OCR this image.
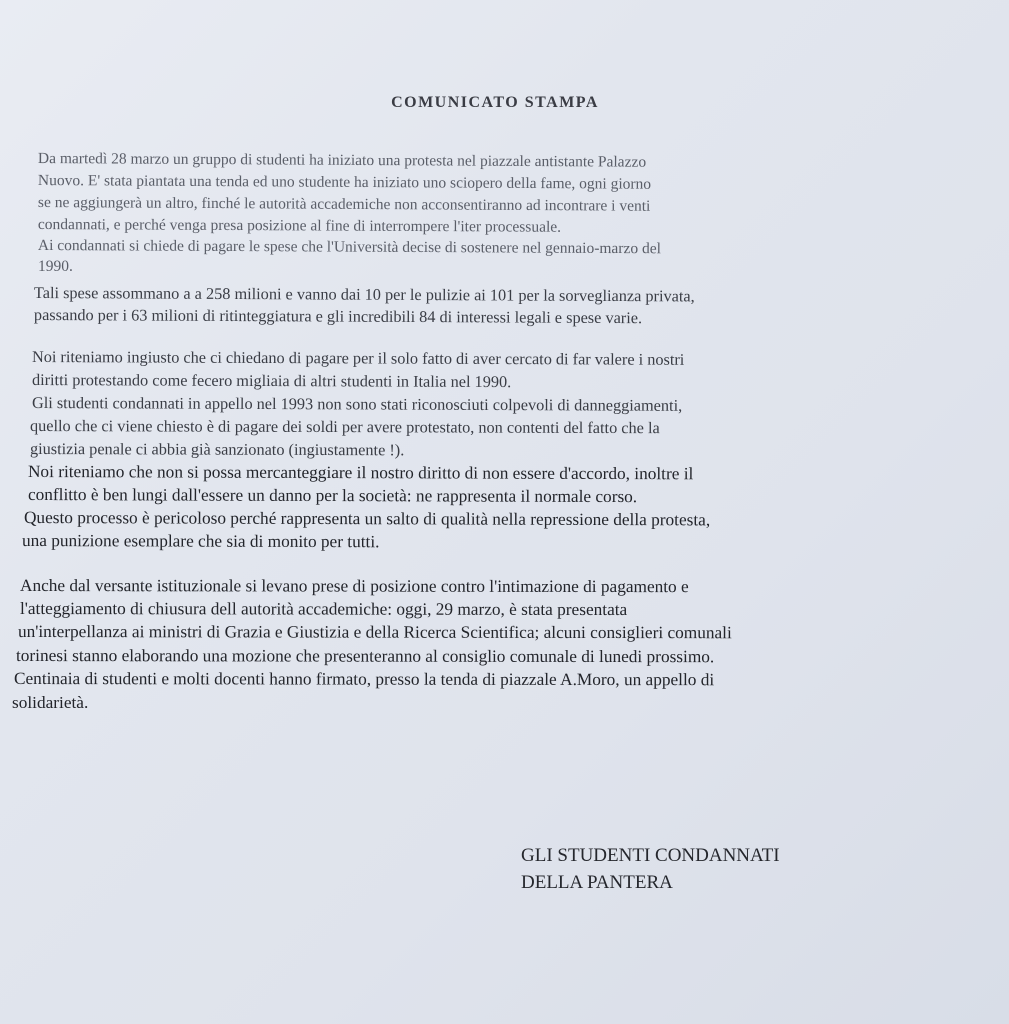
COMUNICATO STAMPA
Da martedì 28 marzo un gruppo di studenti ha iniziato una protesta nel piazzale antistante Palazzo
Nuovo. E' stata piantata una tenda ed uno studente ha iniziato uno sciopero della fame, ogni giorno
se ne aggiungerà un altro, finché le autorità accademiche non acconsentiranno ad incontrare i venti
condannati, e perché venga presa posizione al fine di interrompere l'iter processuale.
Ai condannati si chiede di pagare le spese che l'Università decise di sostenere nel gennaio-marzo del
1990.
Tali spese assommano a a 258 milioni e vanno dai 10 per le pulizie ai 101 per la sorveglianza privata,
passando per i 63 milioni di ritinteggiatura e gli incredibili 84 di interessi legali e spese varie.
Noi riteniamo ingiusto che ci chiedano di pagare per il solo fatto di aver cercato di far valere i nostri
diritti protestando come fecero migliaia di altri studenti in Italia nel 1990.
Gli studenti condannati in appello nel 1993 non sono stati riconosciuti colpevoli di danneggiamenti,
quello che ci viene chiesto è di pagare dei soldi per avere protestato, non contenti del fatto che la
giustizia penale ci abbia già sanzionato (ingiustamente !).
Noi riteniamo che non si possa mercanteggiare il nostro diritto di non essere d'accordo, inoltre il
conflitto è ben lungi dall'essere un danno per la società: ne rappresenta il normale corso.
Questo processo è pericoloso perché rappresenta un salto di qualità nella repressione della protesta,
una punizione esemplare che sia di monito per tutti.
Anche dal versante istituzionale si levano prese di posizione contro l'intimazione di pagamento e
l'atteggiamento di chiusura dell autorità accademiche: oggi, 29 marzo, è stata presentata
un'interpellanza ai ministri di Grazia e Giustizia e della Ricerca Scientifica; alcuni consiglieri comunali
torinesi stanno elaborando una mozione che presenteranno al consiglio comunale di lunedi prossimo.
Centinaia di studenti e molti docenti hanno firmato, presso la tenda di piazzale A.Moro, un appello di
solidarietà.
GLI STUDENTI CONDANNATI
DELLA PANTERA
